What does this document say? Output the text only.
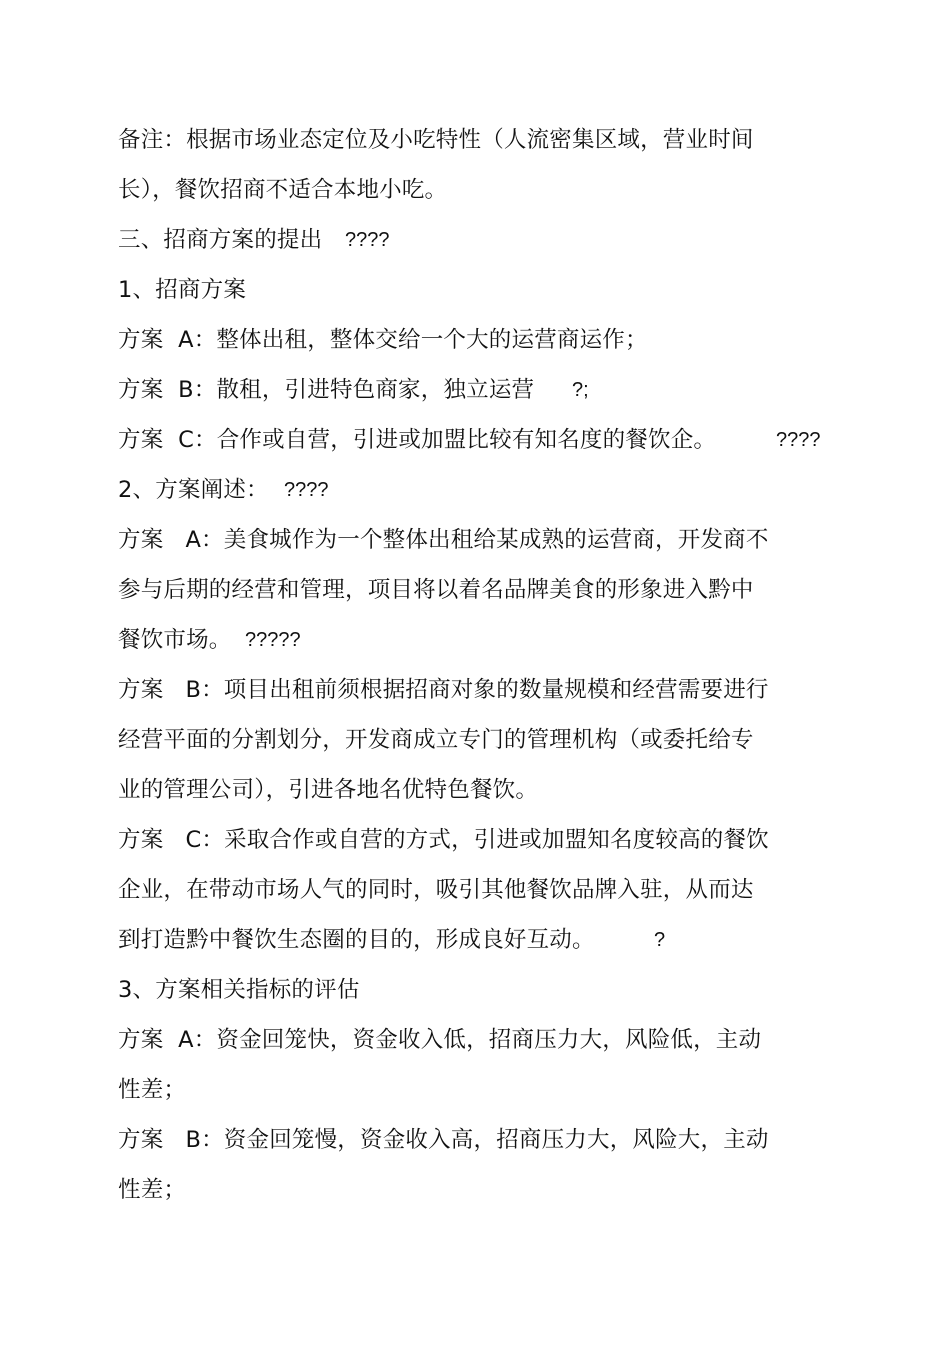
备注：根据市场业态定位及小吃特性（人流密集区域，营业时间
长），餐饮招商不适合本地小吃。
三、招商方案的提出 ????
1、招商方案
方案  A：整体出租，整体交给一个大的运营商运作；
方案  B：散租，引进特色商家，独立运营 ?;
方案  C：合作或自营，引进或加盟比较有知名度的餐饮企。	????
2、方案阐述： ????
方案   A：美食城作为一个整体出租给某成熟的运营商，开发商不
参与后期的经营和管理，项目将以着名品牌美食的形象进入黔中
餐饮市场。 ?????
方案   B：项目出租前须根据招商对象的数量规模和经营需要进行
经营平面的分割划分，开发商成立专门的管理机构（或委托给专
业的管理公司），引进各地名优特色餐饮。
方案   C：采取合作或自营的方式，引进或加盟知名度较高的餐饮
企业，在带动市场人气的同时，吸引其他餐饮品牌入驻，从而达
到打造黔中餐饮生态圈的目的，形成良好互动。	?
3、方案相关指标的评估
方案  A：资金回笼快，资金收入低，招商压力大，风险低，主动
性差；
方案   B：资金回笼慢，资金收入高，招商压力大，风险大，主动
性差；
